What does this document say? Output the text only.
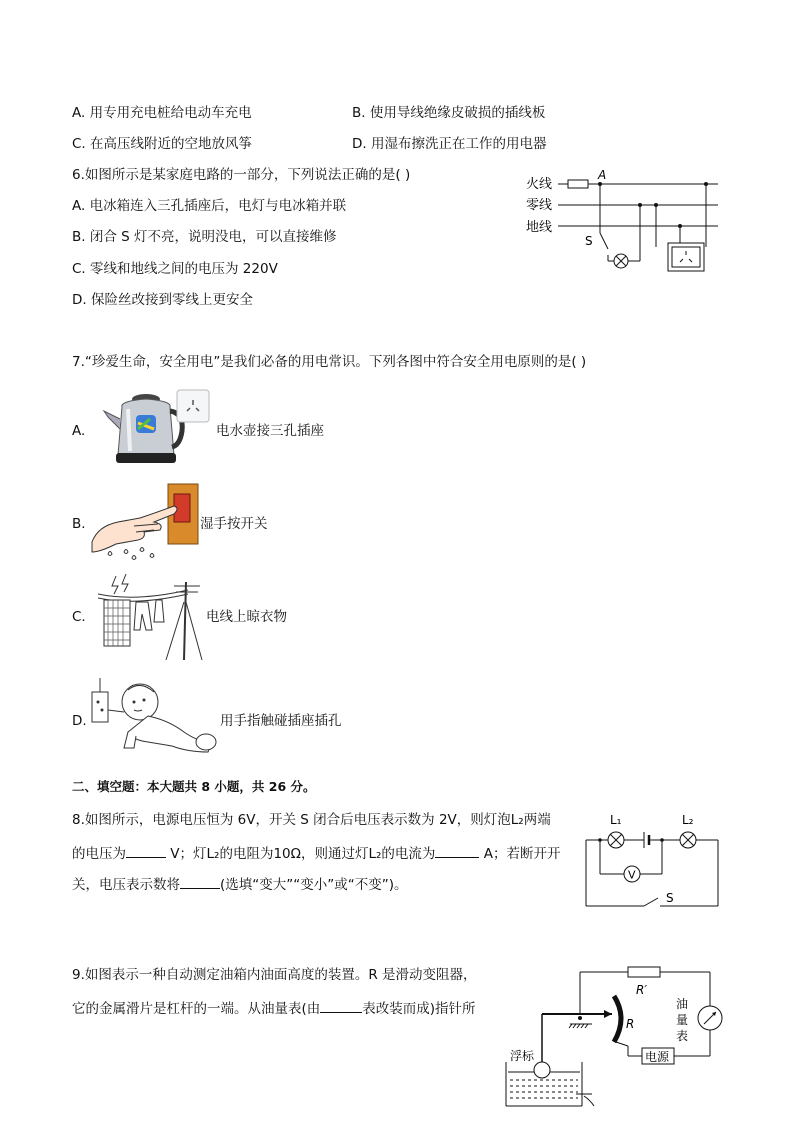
A. 用专用充电桩给电动车充电	B. 使用导线绝缘皮破损的插线板
C. 在高压线附近的空地放风筝	D. 用湿布擦洗正在工作的用电器
6.如图所示是某家庭电路的一部分，下列说法正确的是( )
A. 电冰箱连入三孔插座后，电灯与电冰箱并联
B. 闭合 S 灯不亮，说明没电，可以直接维修
C. 零线和地线之间的电压为 220V
D. 保险丝改接到零线上更安全
火线
零线
地线
A
S
7.“珍爱生命，安全用电”是我们必备的用电常识。下列各图中符合安全用电原则的是( )
A.	电水壶接三孔插座
B.	湿手按开关
C.	电线上晾衣物
D.	用手指触碰插座插孔
二、填空题：本大题共 8 小题，共 26 分。
8.如图所示，电源电压恒为 6V，开关 S 闭合后电压表示数为 2V，则灯泡L₂两端
的电压为	V；灯L₂的电阻为10Ω，则通过灯L₂的电流为	A；若断开开
关，电压表示数将	(选填“变大”“变小”或“不变”)。
L₁	L₂
V
S
9.如图表示一种自动测定油箱内油面高度的装置。R 是滑动变阻器，
它的金属滑片是杠杆的一端。从油量表(由	表改装而成)指针所
R′
油
量
表
电源
R
浮标
